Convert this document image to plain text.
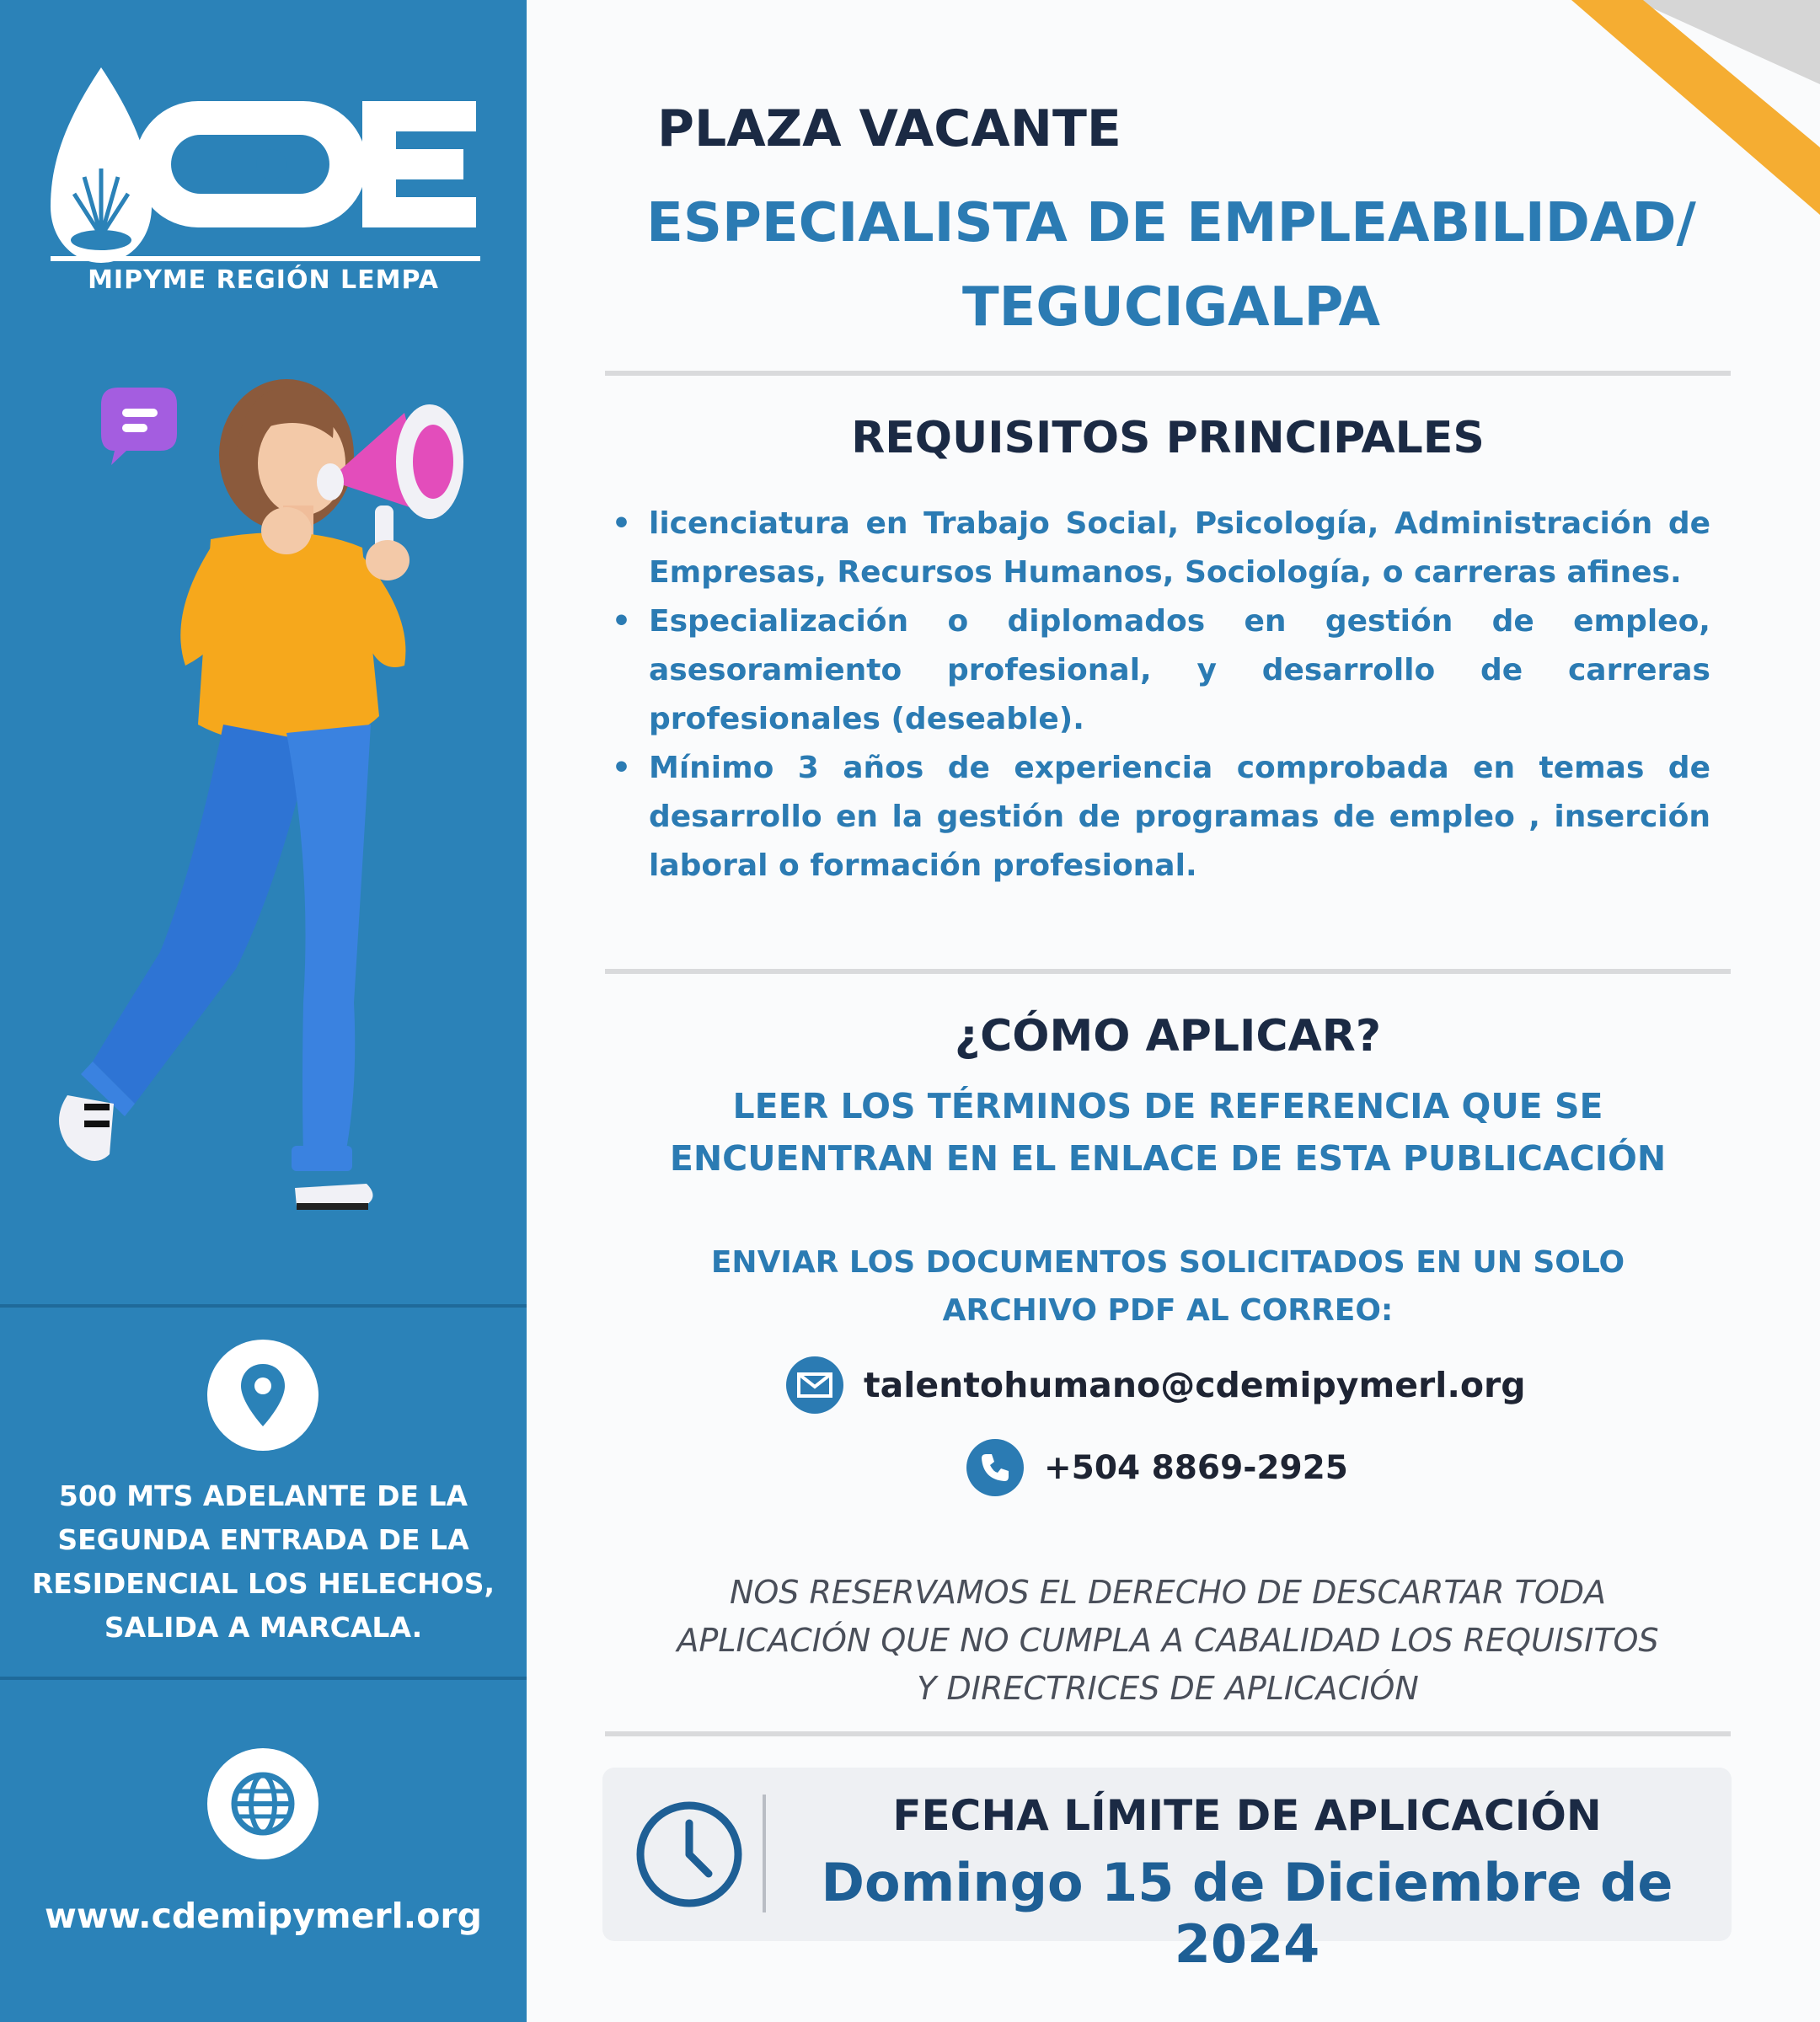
MIPYME REGIÓN LEMPA
500 MTS ADELANTE DE LA SEGUNDA ENTRADA DE LA RESIDENCIAL LOS HELECHOS, SALIDA A MARCALA.
www.cdemipymerl.org
PLAZA VACANTE
ESPECIALISTA DE EMPLEABILIDAD/
TEGUCIGALPA
REQUISITOS PRINCIPALES
• licenciatura en Trabajo Social, Psicología, Administración de Empresas, Recursos Humanos, Sociología, o carreras afines.
• Especialización o diplomados en gestión de empleo, asesoramiento profesional, y desarrollo de carreras profesionales (deseable).
• Mínimo 3 años de experiencia comprobada en temas de desarrollo en la gestión de programas de empleo , inserción laboral o formación profesional.
¿CÓMO APLICAR?
LEER LOS TÉRMINOS DE REFERENCIA QUE SE
ENCUENTRAN EN EL ENLACE DE ESTA PUBLICACIÓN
ENVIAR LOS DOCUMENTOS SOLICITADOS EN UN SOLO
ARCHIVO PDF AL CORREO:
talentohumano@cdemipymerl.org
+504 8869-2925
NOS RESERVAMOS EL DERECHO DE DESCARTAR TODA
APLICACIÓN QUE NO CUMPLA A CABALIDAD LOS REQUISITOS
Y DIRECTRICES DE APLICACIÓN
FECHA LÍMITE DE APLICACIÓN
Domingo 15 de Diciembre de 2024
